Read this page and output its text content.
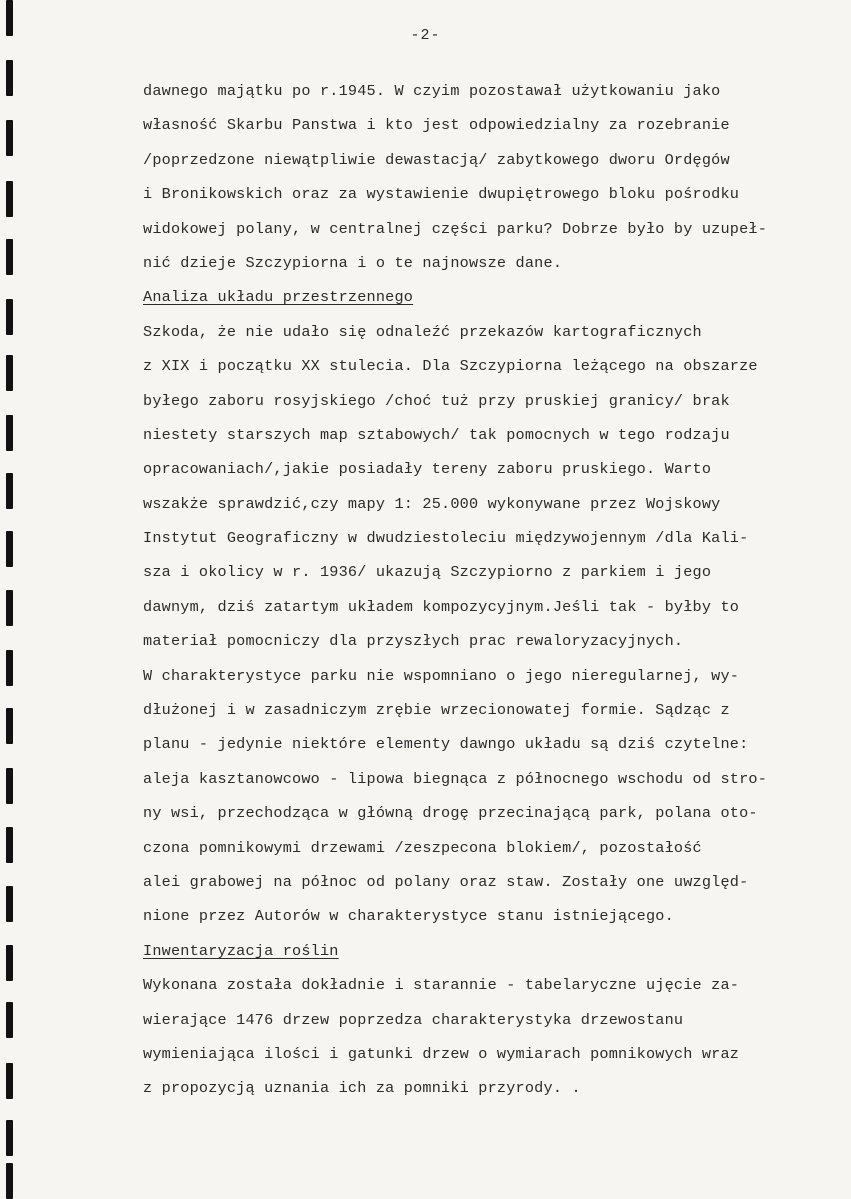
-2-
dawnego majątku po r.1945. W czyim pozostawał użytkowaniu jako
własność Skarbu Panstwa i kto jest odpowiedzialny za rozebranie
/poprzedzone niewątpliwie dewastacją/ zabytkowego dworu Ordęgów
i Bronikowskich oraz za wystawienie dwupiętrowego bloku pośrodku
widokowej polany, w centralnej części parku? Dobrze było by uzupeł-
nić dzieje Szczypiorna i o te najnowsze dane.
Analiza układu przestrzennego
Szkoda, że nie udało się odnaleźć przekazów kartograficznych
z XIX i początku XX stulecia. Dla Szczypiorna leżącego na obszarze
byłego zaboru rosyjskiego /choć tuż przy pruskiej granicy/ brak
niestety starszych map sztabowych/ tak pomocnych w tego rodzaju
opracowaniach/,jakie posiadały tereny zaboru pruskiego. Warto
wszakże sprawdzić,czy mapy 1: 25.000 wykonywane przez Wojskowy
Instytut Geograficzny w dwudziestoleciu międzywojennym /dla Kali-
sza i okolicy w r. 1936/ ukazują Szczypiorno z parkiem i jego
dawnym, dziś zatartym układem kompozycyjnym.Jeśli tak - byłby to
materiał pomocniczy dla przyszłych prac rewaloryzacyjnych.
W charakterystyce parku nie wspomniano o jego nieregularnej, wy-
dłużonej i w zasadniczym zrębie wrzecionowatej formie. Sądząc z
planu - jedynie niektóre elementy dawngo układu są dziś czytelne:
aleja kasztanowcowo - lipowa biegnąca z północnego wschodu od stro-
ny wsi, przechodząca w główną drogę przecinającą park, polana oto-
czona pomnikowymi drzewami /zeszpecona blokiem/, pozostałość
alei grabowej na północ od polany oraz staw. Zostały one uwzględ-
nione przez Autorów w charakterystyce stanu istniejącego.
Inwentaryzacja roślin
Wykonana została dokładnie i starannie - tabelaryczne ujęcie za-
wierające 1476 drzew poprzedza charakterystyka drzewostanu
wymieniająca ilości i gatunki drzew o wymiarach pomnikowych wraz
z propozycją uznania ich za pomniki przyrody. .
